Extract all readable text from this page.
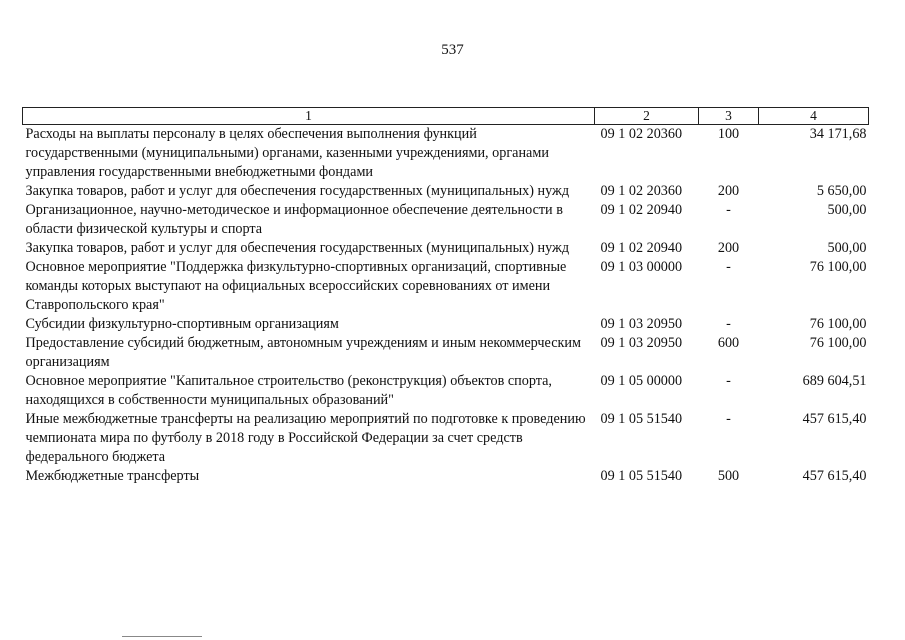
537
1	2	3	4
Расходы на выплаты персоналу в целях обеспечения выполнения функций государственными (муниципальными) органами, казенными учреждениями, органами управления государственными внебюджетными фондами	09 1 02 20360	100	34 171,68
Закупка товаров, работ и услуг для обеспечения государственных (муниципальных) нужд	09 1 02 20360	200	5 650,00
Организационное, научно-методическое и информационное обеспечение деятельности в области физической культуры и спорта	09 1 02 20940	-	500,00
Закупка товаров, работ и услуг для обеспечения государственных (муниципальных) нужд	09 1 02 20940	200	500,00
Основное мероприятие "Поддержка физкультурно-спортивных организаций, спортивные команды которых выступают на официальных всероссийских соревнованиях от имени Ставропольского края"	09 1 03 00000	-	76 100,00
Субсидии физкультурно-спортивным организациям	09 1 03 20950	-	76 100,00
Предоставление субсидий бюджетным, автономным учреждениям и иным некоммерческим организациям	09 1 03 20950	600	76 100,00
Основное мероприятие "Капитальное строительство (реконструкция) объектов спорта, находящихся в собственности муниципальных образований"	09 1 05 00000	-	689 604,51
Иные межбюджетные трансферты на реализацию мероприятий по подготовке к проведению чемпионата мира по футболу в 2018 году в Российской Федерации за счет средств федерального бюджета	09 1 05 51540	-	457 615,40
Межбюджетные трансферты	09 1 05 51540	500	457 615,40
